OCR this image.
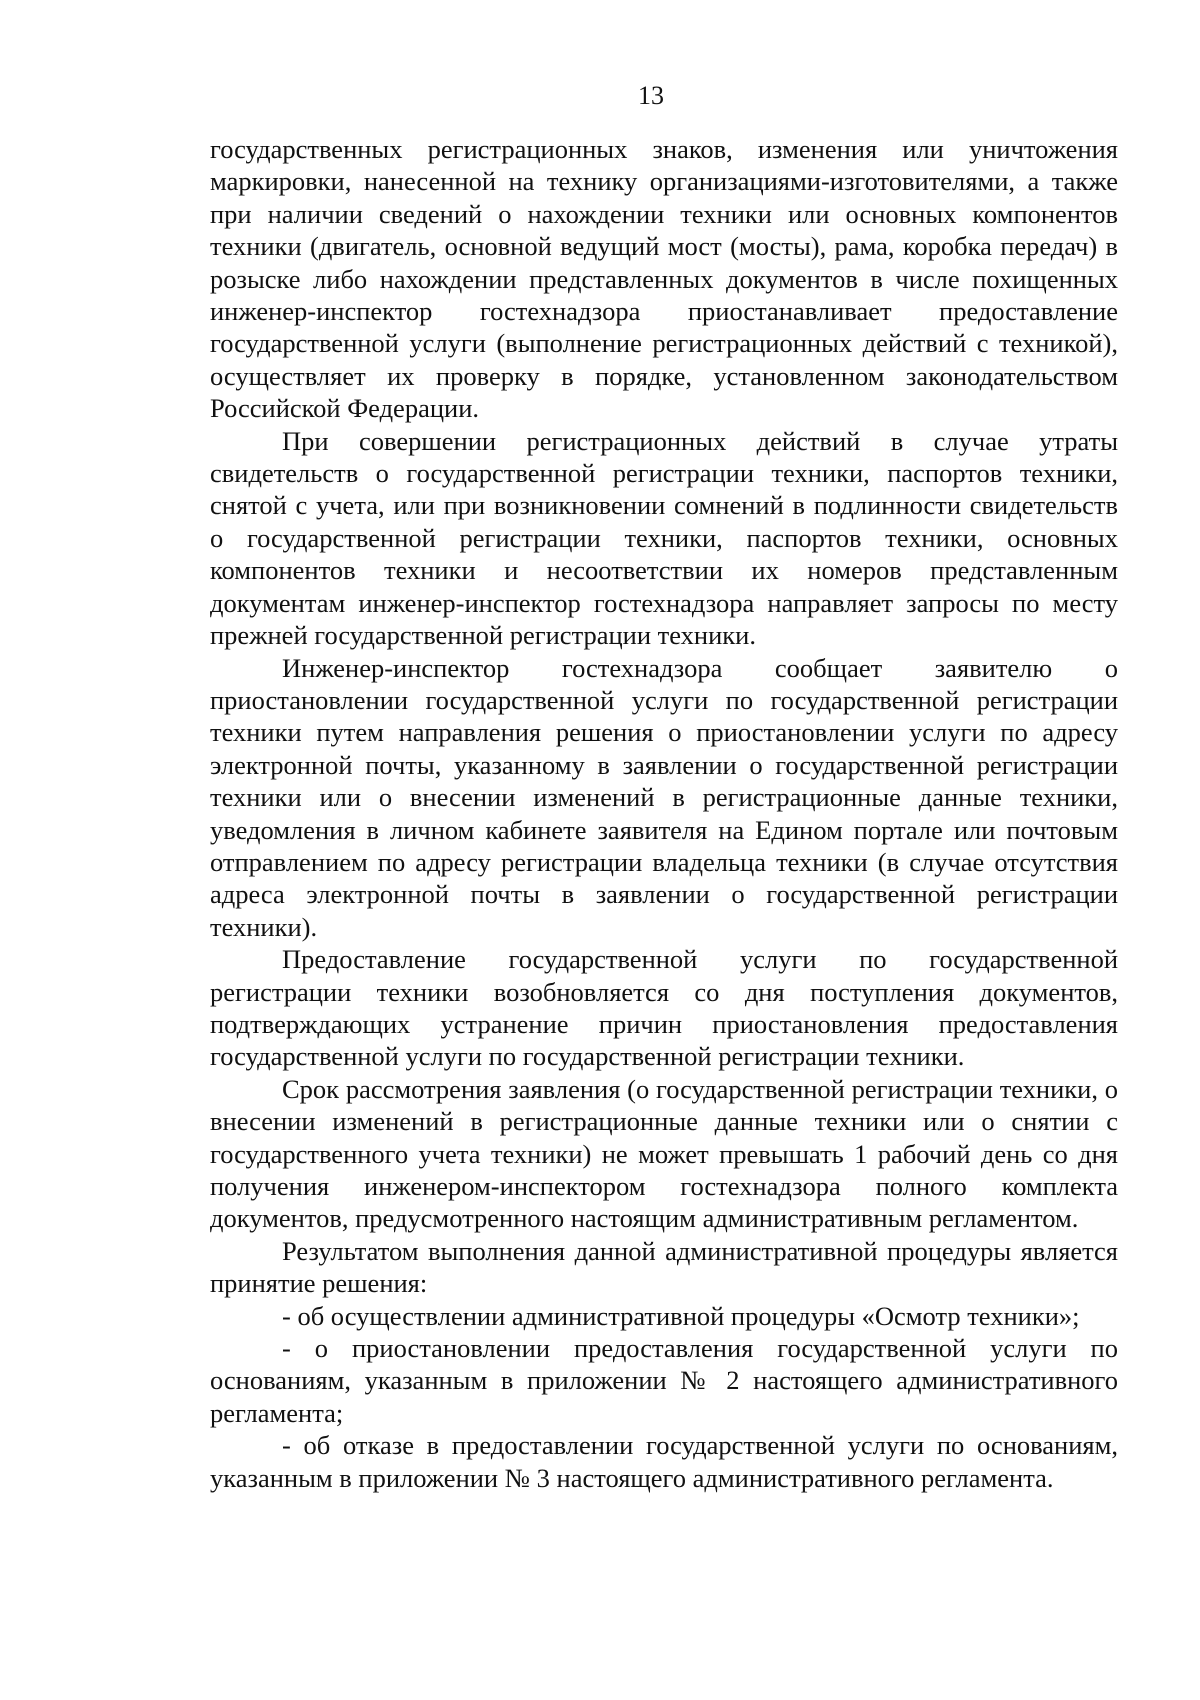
13

государственных регистрационных знаков, изменения или уничтожения маркировки, нанесенной на технику организациями-изготовителями, а также при наличии сведений о нахождении техники или основных компонентов техники (двигатель, основной ведущий мост (мосты), рама, коробка передач) в розыске либо нахождении представленных документов в числе похищенных инженер-инспектор гостехнадзора приостанавливает предоставление государственной услуги (выполнение регистрационных действий с техникой), осуществляет их проверку в порядке, установленном законодательством Российской Федерации.

При совершении регистрационных действий в случае утраты свидетельств о государственной регистрации техники, паспортов техники, снятой с учета, или при возникновении сомнений в подлинности свидетельств о государственной регистрации техники, паспортов техники, основных компонентов техники и несоответствии их номеров представленным документам инженер-инспектор гостехнадзора направляет запросы по месту прежней государственной регистрации техники.

Инженер-инспектор гостехнадзора сообщает заявителю о приостановлении государственной услуги по государственной регистрации техники путем направления решения о приостановлении услуги по адресу электронной почты, указанному в заявлении о государственной регистрации техники или о внесении изменений в регистрационные данные техники, уведомления в личном кабинете заявителя на Едином портале или почтовым отправлением по адресу регистрации владельца техники (в случае отсутствия адреса электронной почты в заявлении о государственной регистрации техники).

Предоставление государственной услуги по государственной регистрации техники возобновляется со дня поступления документов, подтверждающих устранение причин приостановления предоставления государственной услуги по государственной регистрации техники.

Срок рассмотрения заявления (о государственной регистрации техники, о внесении изменений в регистрационные данные техники или о снятии с государственного учета техники) не может превышать 1 рабочий день со дня получения инженером-инспектором гостехнадзора полного комплекта документов, предусмотренного настоящим административным регламентом.

Результатом выполнения данной административной процедуры является принятие решения:

- об осуществлении административной процедуры «Осмотр техники»;

- о приостановлении предоставления государственной услуги по основаниям, указанным в приложении № 2 настоящего административного регламента;

- об отказе в предоставлении государственной услуги по основаниям, указанным в приложении № 3 настоящего административного регламента.
